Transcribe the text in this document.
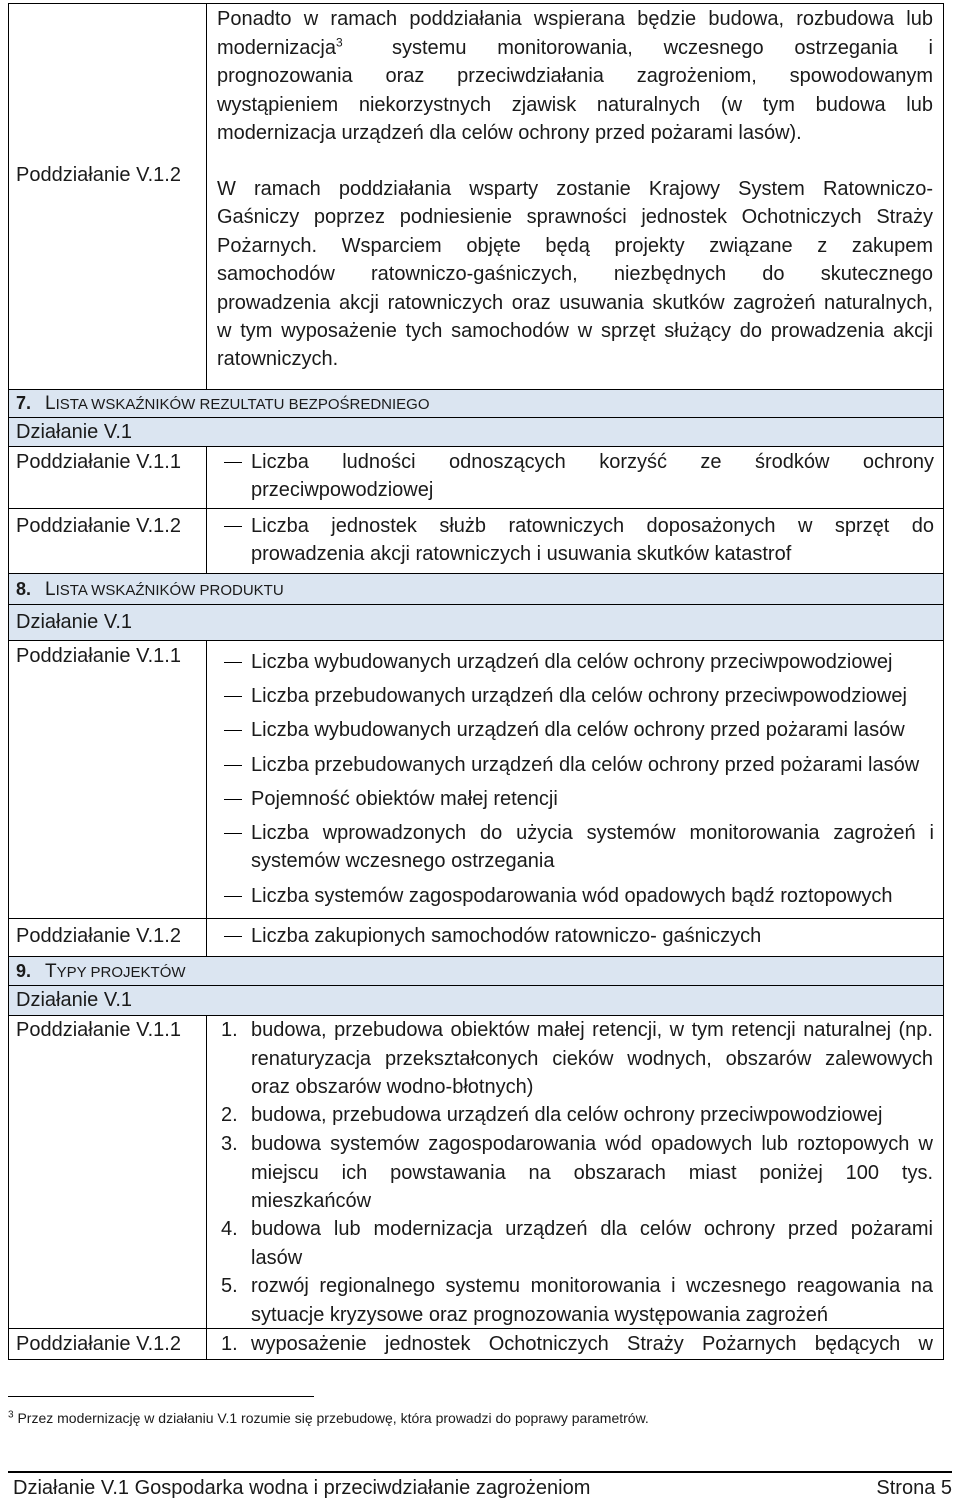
Poddziałanie V.1.2
Ponadto w ramach poddziałania wspierana będzie budowa, rozbudowa lub
modernizacja$^3$	systemu monitorowania, wczesnego ostrzegania i
prognozowania oraz przeciwdziałania zagrożeniom, spowodowanym
wystąpieniem niekorzystnych zjawisk naturalnych (w tym budowa lub
modernizacja urządzeń dla celów ochrony przed pożarami lasów).
W ramach poddziałania wsparty zostanie Krajowy System Ratowniczo-
Gaśniczy poprzez podniesienie sprawności jednostek Ochotniczych Straży
Pożarnych. Wsparciem objęte będą projekty związane z zakupem
samochodów ratowniczo-gaśniczych, niezbędnych do skutecznego
prowadzenia akcji ratowniczych oraz usuwania skutków zagrożeń naturalnych,
w tym wyposażenie tych samochodów w sprzęt służący do prowadzenia akcji
ratowniczych.
7. LISTA WSKAŹNIKÓW REZULTATU BEZPOŚREDNIEGO
Działanie V.1
Poddziałanie V.1.1	Liczba ludności odnoszących korzyść ze środków ochrony
przeciwpowodziowej
Poddziałanie V.1.2	Liczba jednostek służb ratowniczych doposażonych w sprzęt do
prowadzenia akcji ratowniczych i usuwania skutków katastrof
8. LISTA WSKAŹNIKÓW PRODUKTU
Działanie V.1
Poddziałanie V.1.1	Liczba wybudowanych urządzeń dla celów ochrony przeciwpowodziowej
Liczba przebudowanych urządzeń dla celów ochrony przeciwpowodziowej
Liczba wybudowanych urządzeń dla celów ochrony przed pożarami lasów
Liczba przebudowanych urządzeń dla celów ochrony przed pożarami lasów
Pojemność obiektów małej retencji
Liczba wprowadzonych do użycia systemów monitorowania zagrożeń i
systemów wczesnego ostrzegania
Liczba systemów zagospodarowania wód opadowych bądź roztopowych
Poddziałanie V.1.2	Liczba zakupionych samochodów ratowniczo- gaśniczych
9. TYPY PROJEKTÓW
Działanie V.1
Poddziałanie V.1.1 1. budowa, przebudowa obiektów małej retencji, w tym retencji naturalnej (np.
renaturyzacja przekształconych cieków wodnych, obszarów zalewowych
oraz obszarów wodno-błotnych)
2. budowa, przebudowa urządzeń dla celów ochrony przeciwpowodziowej
3. budowa systemów zagospodarowania wód opadowych lub roztopowych w
miejscu ich powstawania na obszarach miast poniżej 100 tys.
mieszkańców
4. budowa lub modernizacja urządzeń dla celów ochrony przed pożarami
lasów
5. rozwój regionalnego systemu monitorowania i wczesnego reagowania na
sytuacje kryzysowe oraz prognozowania występowania zagrożeń
Poddziałanie V.1.2 1. wyposażenie jednostek Ochotniczych Straży Pożarnych będących w
$^3$ Przez modernizację w działaniu V.1 rozumie się przebudowę, która prowadzi do poprawy parametrów.
Działanie V.1 Gospodarka wodna i przeciwdziałanie zagrożeniom	Strona 5
